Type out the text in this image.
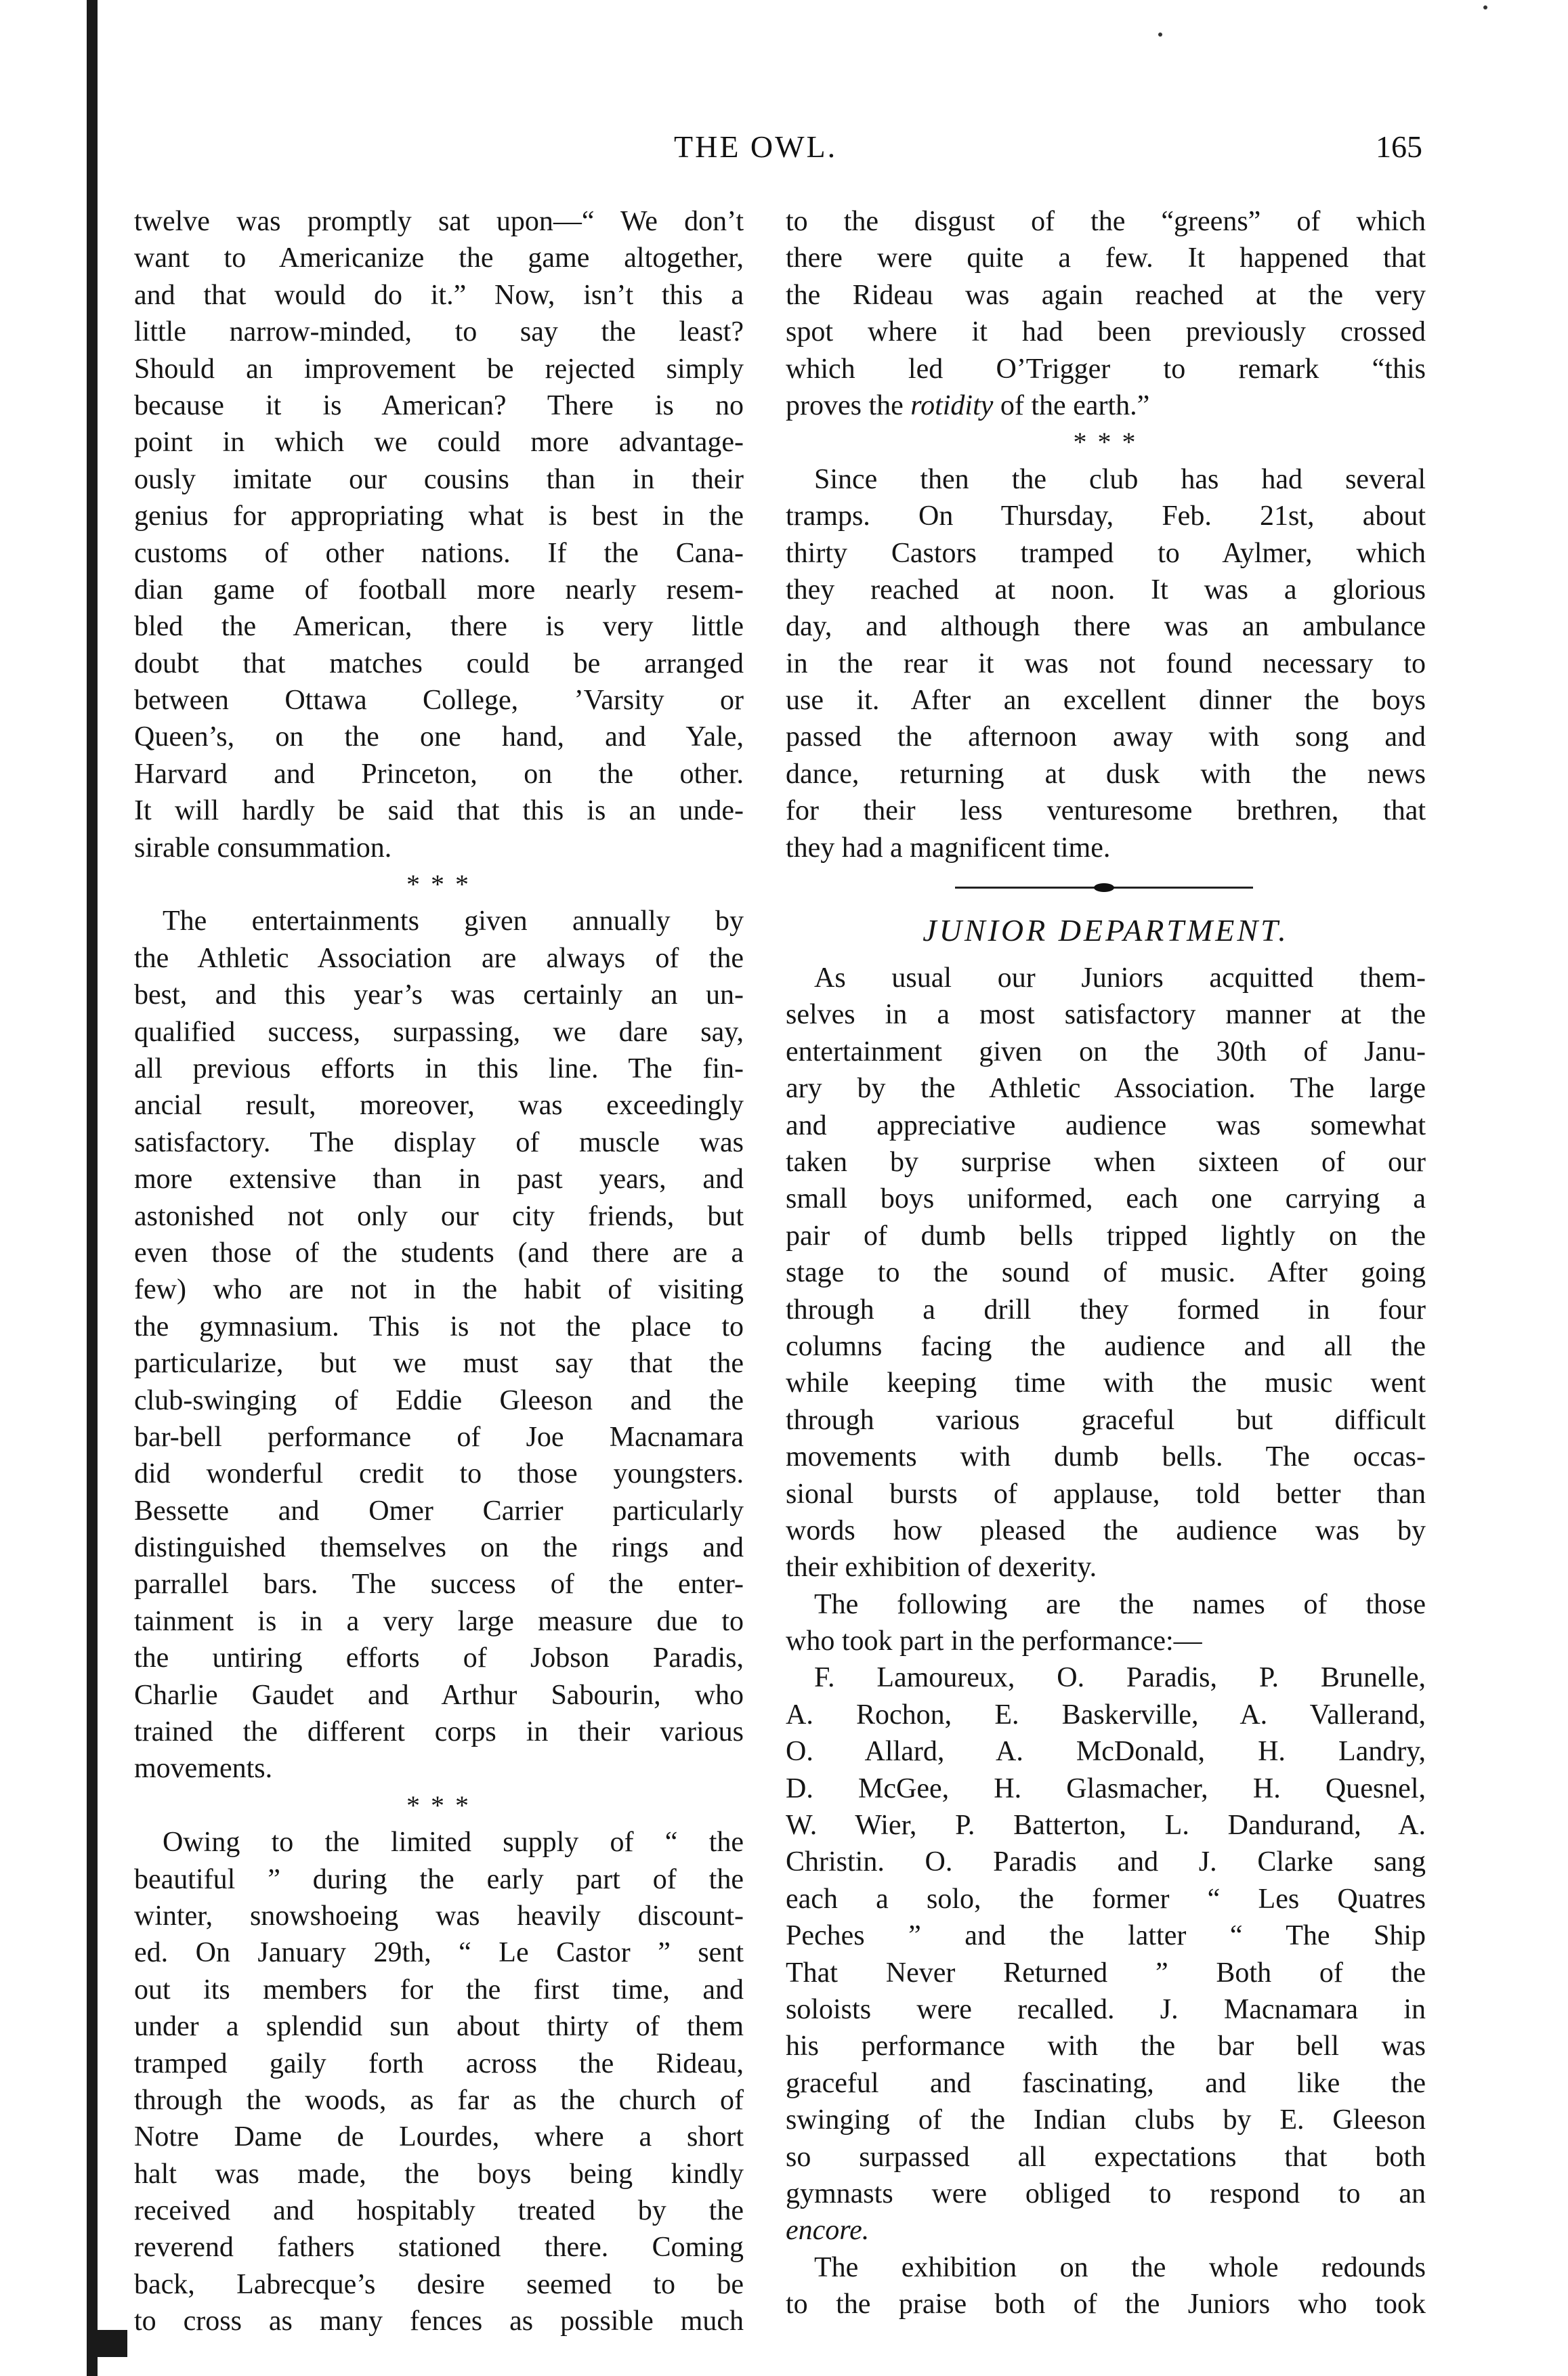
THE OWL.	165
twelve was promptly sat upon—“ We don’t
want to Americanize the game altogether,
and that would do it.” Now, isn’t this a
little narrow-minded, to say the least?
Should an improvement be rejected simply
because it is American? There is no
point in which we could more advantage-
ously imitate our cousins than in their
genius for appropriating what is best in the
customs of other nations. If the Cana-
dian game of football more nearly resem-
bled the American, there is very little
doubt that matches could be arranged
between Ottawa College, ’Varsity or
Queen’s, on the one hand, and Yale,
Harvard and Princeton, on the other.
It will hardly be said that this is an unde-
sirable consummation.
* * *
The entertainments given annually by
the Athletic Association are always of the
best, and this year’s was certainly an un-
qualified success, surpassing, we dare say,
all previous efforts in this line. The fin-
ancial result, moreover, was exceedingly
satisfactory. The display of muscle was
more extensive than in past years, and
astonished not only our city friends, but
even those of the students (and there are a
few) who are not in the habit of visiting
the gymnasium. This is not the place to
particularize, but we must say that the
club-swinging of Eddie Gleeson and the
bar-bell performance of Joe Macnamara
did wonderful credit to those youngsters.
Bessette and Omer Carrier particularly
distinguished themselves on the rings and
parrallel bars. The success of the enter-
tainment is in a very large measure due to
the untiring efforts of Jobson Paradis,
Charlie Gaudet and Arthur Sabourin, who
trained the different corps in their various
movements.
* * *
Owing to the limited supply of “ the
beautiful ” during the early part of the
winter, snowshoeing was heavily discount-
ed. On January 29th, “ Le Castor ” sent
out its members for the first time, and
under a splendid sun about thirty of them
tramped gaily forth across the Rideau,
through the woods, as far as the church of
Notre Dame de Lourdes, where a short
halt was made, the boys being kindly
received and hospitably treated by the
reverend fathers stationed there. Coming
back, Labrecque’s desire seemed to be
to cross as many fences as possible much
to the disgust of the “greens” of which
there were quite a few. It happened that
the Rideau was again reached at the very
spot where it had been previously crossed
which led O’Trigger to remark “this
proves the rotidity of the earth.”
* * *
Since then the club has had several
tramps. On Thursday, Feb. 21st, about
thirty Castors tramped to Aylmer, which
they reached at noon. It was a glorious
day, and although there was an ambulance
in the rear it was not found necessary to
use it. After an excellent dinner the boys
passed the afternoon away with song and
dance, returning at dusk with the news
for their less venturesome brethren, that
they had a magnificent time.
JUNIOR DEPARTMENT.
As usual our Juniors acquitted them-
selves in a most satisfactory manner at the
entertainment given on the 30th of Janu-
ary by the Athletic Association. The large
and appreciative audience was somewhat
taken by surprise when sixteen of our
small boys uniformed, each one carrying a
pair of dumb bells tripped lightly on the
stage to the sound of music. After going
through a drill they formed in four
columns facing the audience and all the
while keeping time with the music went
through various graceful but difficult
movements with dumb bells. The occas-
sional bursts of applause, told better than
words how pleased the audience was by
their exhibition of dexerity.
The following are the names of those
who took part in the performance:—
F. Lamoureux, O. Paradis, P. Brunelle,
A. Rochon, E. Baskerville, A. Vallerand,
O. Allard, A. McDonald, H. Landry,
D. McGee, H. Glasmacher, H. Quesnel,
W. Wier, P. Batterton, L. Dandurand, A.
Christin. O. Paradis and J. Clarke sang
each a solo, the former “ Les Quatres
Peches ” and the latter “ The Ship
That Never Returned ” Both of the
soloists were recalled. J. Macnamara in
his performance with the bar bell was
graceful and fascinating, and like the
swinging of the Indian clubs by E. Gleeson
so surpassed all expectations that both
gymnasts were obliged to respond to an
encore.
The exhibition on the whole redounds
to the praise both of the Juniors who took
